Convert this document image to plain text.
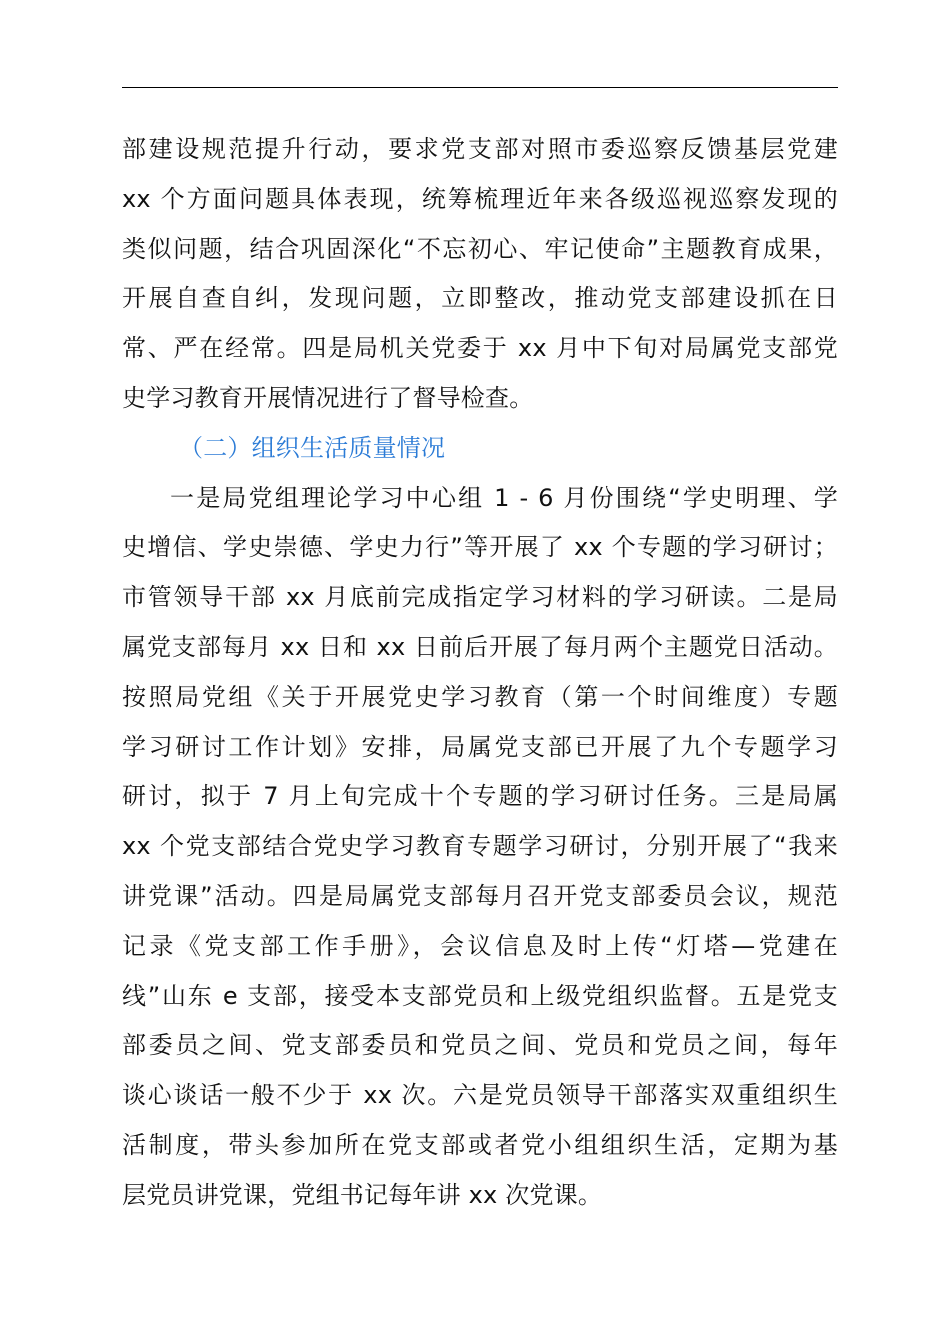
部建设规范提升行动，要求党支部对照市委巡察反馈基层党建
xx 个方面问题具体表现，统筹梳理近年来各级巡视巡察发现的
类似问题，结合巩固深化“不忘初心、牢记使命”主题教育成果，
开展自查自纠，发现问题，立即整改，推动党支部建设抓在日
常、严在经常。四是局机关党委于 xx 月中下旬对局属党支部党
史学习教育开展情况进行了督导检查。
（二）组织生活质量情况
一是局党组理论学习中心组 1 - 6 月份围绕“学史明理、学
史增信、学史崇德、学史力行”等开展了 xx 个专题的学习研讨；
市管领导干部 xx 月底前完成指定学习材料的学习研读。二是局
属党支部每月 xx 日和 xx 日前后开展了每月两个主题党日活动。
按照局党组《关于开展党史学习教育（第一个时间维度）专题
学习研讨工作计划》安排，局属党支部已开展了九个专题学习
研讨，拟于 7 月上旬完成十个专题的学习研讨任务。三是局属
xx 个党支部结合党史学习教育专题学习研讨，分别开展了“我来
讲党课”活动。四是局属党支部每月召开党支部委员会议，规范
记录《党支部工作手册》，会议信息及时上传“灯塔—党建在
线”山东 e 支部，接受本支部党员和上级党组织监督。五是党支
部委员之间、党支部委员和党员之间、党员和党员之间，每年
谈心谈话一般不少于 xx 次。六是党员领导干部落实双重组织生
活制度，带头参加所在党支部或者党小组组织生活，定期为基
层党员讲党课，党组书记每年讲 xx 次党课。
